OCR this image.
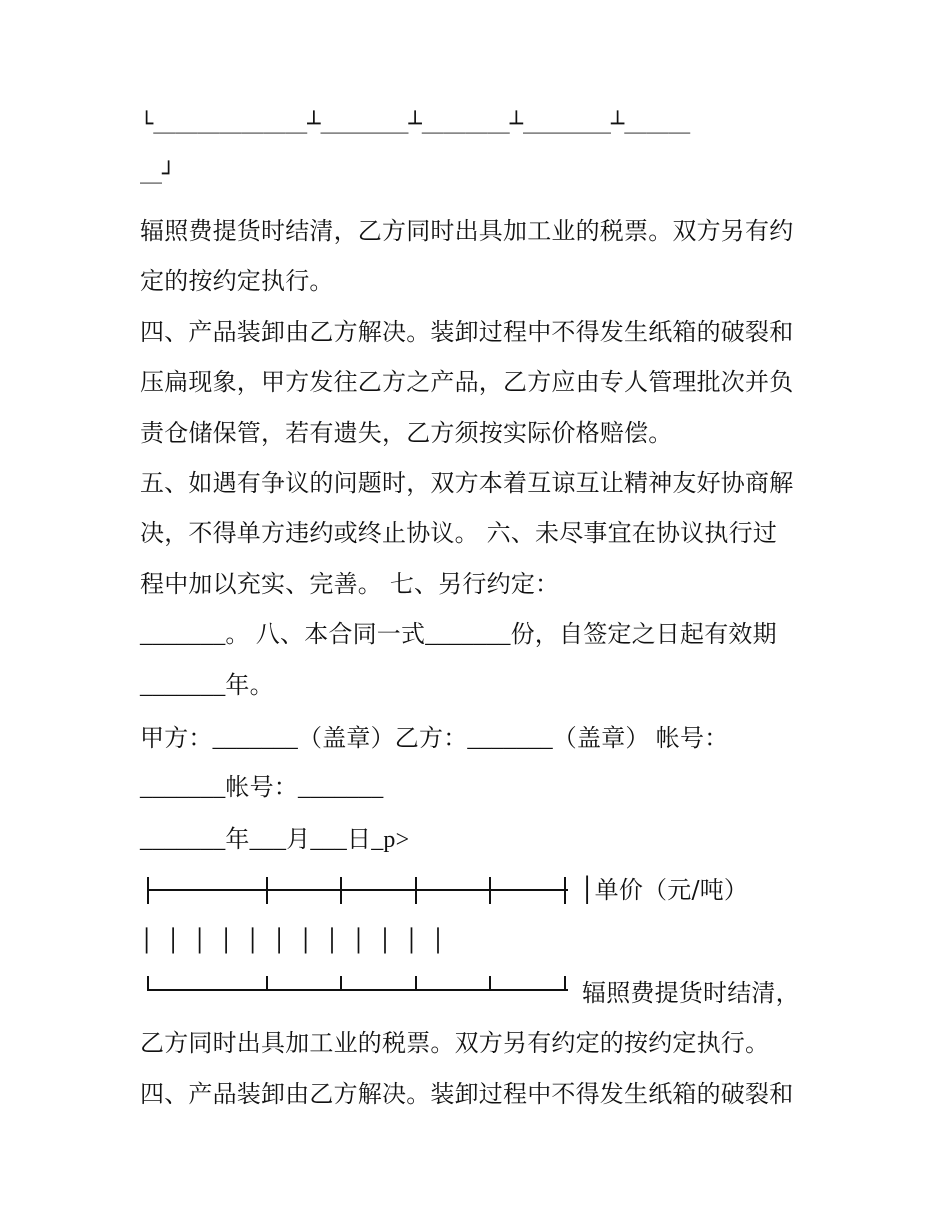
└＿＿＿＿＿＿＿┴＿＿＿＿┴＿＿＿＿┴＿＿＿＿┴＿＿＿
＿┘
辐照费提货时结清，乙方同时出具加工业的税票。双方另有约
定的按约定执行。
四、产品装卸由乙方解决。装卸过程中不得发生纸箱的破裂和
压扁现象，甲方发往乙方之产品，乙方应由专人管理批次并负
责仓储保管，若有遗失，乙方须按实际价格赔偿。
五、如遇有争议的问题时，双方本着互谅互让精神友好协商解
决，不得单方违约或终止协议。 六、未尽事宜在协议执行过
程中加以充实、完善。 七、另行约定：
_______。 八、本合同一式_______份，自签定之日起有效期
_______年。
甲方：_______（盖章）乙方：_______（盖章） 帐号：
_______帐号：_______
_______年___月___日_p>
│单价（元/吨）
│ │ │ │ │ │ │ │ │ │ │ │
辐照费提货时结清，
乙方同时出具加工业的税票。双方另有约定的按约定执行。
四、产品装卸由乙方解决。装卸过程中不得发生纸箱的破裂和
